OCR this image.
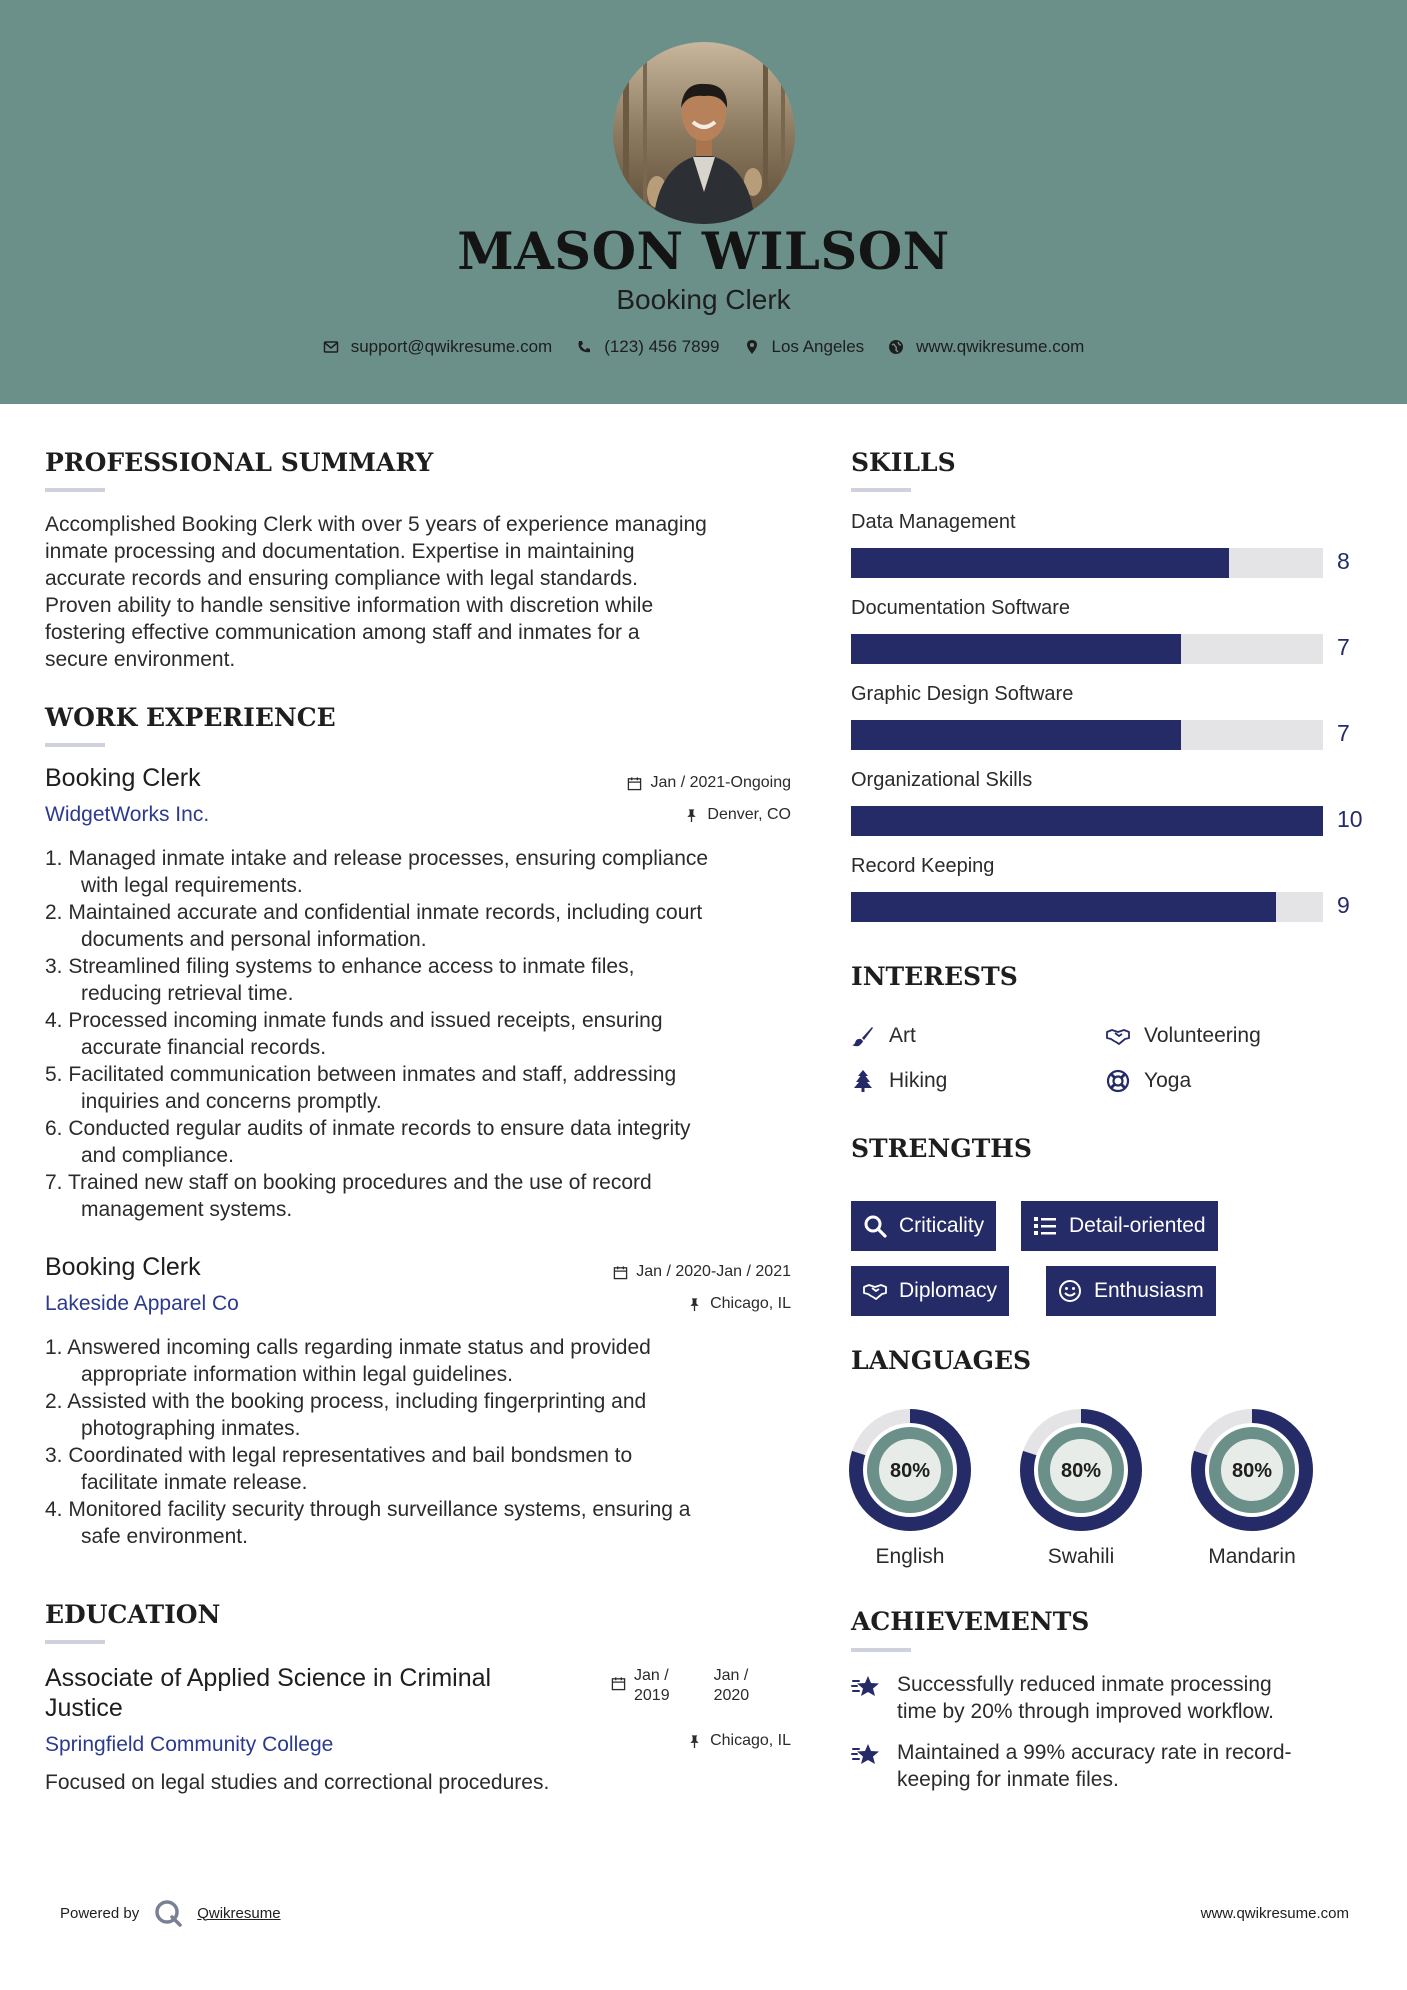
MASON WILSON
Booking Clerk
support@qwikresume.com	(123) 456 7899	Los Angeles	www.qwikresume.com
PROFESSIONAL SUMMARY
Accomplished Booking Clerk with over 5 years of experience managing
inmate processing and documentation. Expertise in maintaining
accurate records and ensuring compliance with legal standards.
Proven ability to handle sensitive information with discretion while
fostering effective communication among staff and inmates for a
secure environment.
WORK EXPERIENCE
Booking Clerk
WidgetWorks Inc.
Jan / 2021-Ongoing
Denver, CO
1. Managed inmate intake and release processes, ensuring compliance
with legal requirements.
2. Maintained accurate and confidential inmate records, including court
documents and personal information.
3. Streamlined filing systems to enhance access to inmate files,
reducing retrieval time.
4. Processed incoming inmate funds and issued receipts, ensuring
accurate financial records.
5. Facilitated communication between inmates and staff, addressing
inquiries and concerns promptly.
6. Conducted regular audits of inmate records to ensure data integrity
and compliance.
7. Trained new staff on booking procedures and the use of record
management systems.
Booking Clerk
Lakeside Apparel Co
Jan / 2020-Jan / 2021
Chicago, IL
1. Answered incoming calls regarding inmate status and provided
appropriate information within legal guidelines.
2. Assisted with the booking process, including fingerprinting and
photographing inmates.
3. Coordinated with legal representatives and bail bondsmen to
facilitate inmate release.
4. Monitored facility security through surveillance systems, ensuring a
safe environment.
EDUCATION
Associate of Applied Science in Criminal
Justice
Springfield Community College
Jan /
2019
Jan /
2020
Chicago, IL
Focused on legal studies and correctional procedures.
SKILLS
Data Management
8
Documentation Software
7
Graphic Design Software
7
Organizational Skills
10
Record Keeping
9
INTERESTS
Art	Volunteering
Hiking	Yoga
STRENGTHS
Criticality	Detail-oriented
Diplomacy	Enthusiasm
LANGUAGES
80%
English
80%
Swahili
80%
Mandarin
ACHIEVEMENTS
Successfully reduced inmate processing
time by 20% through improved workflow.
Maintained a 99% accuracy rate in record-
keeping for inmate files.
Powered by	Qwikresume	www.qwikresume.com
